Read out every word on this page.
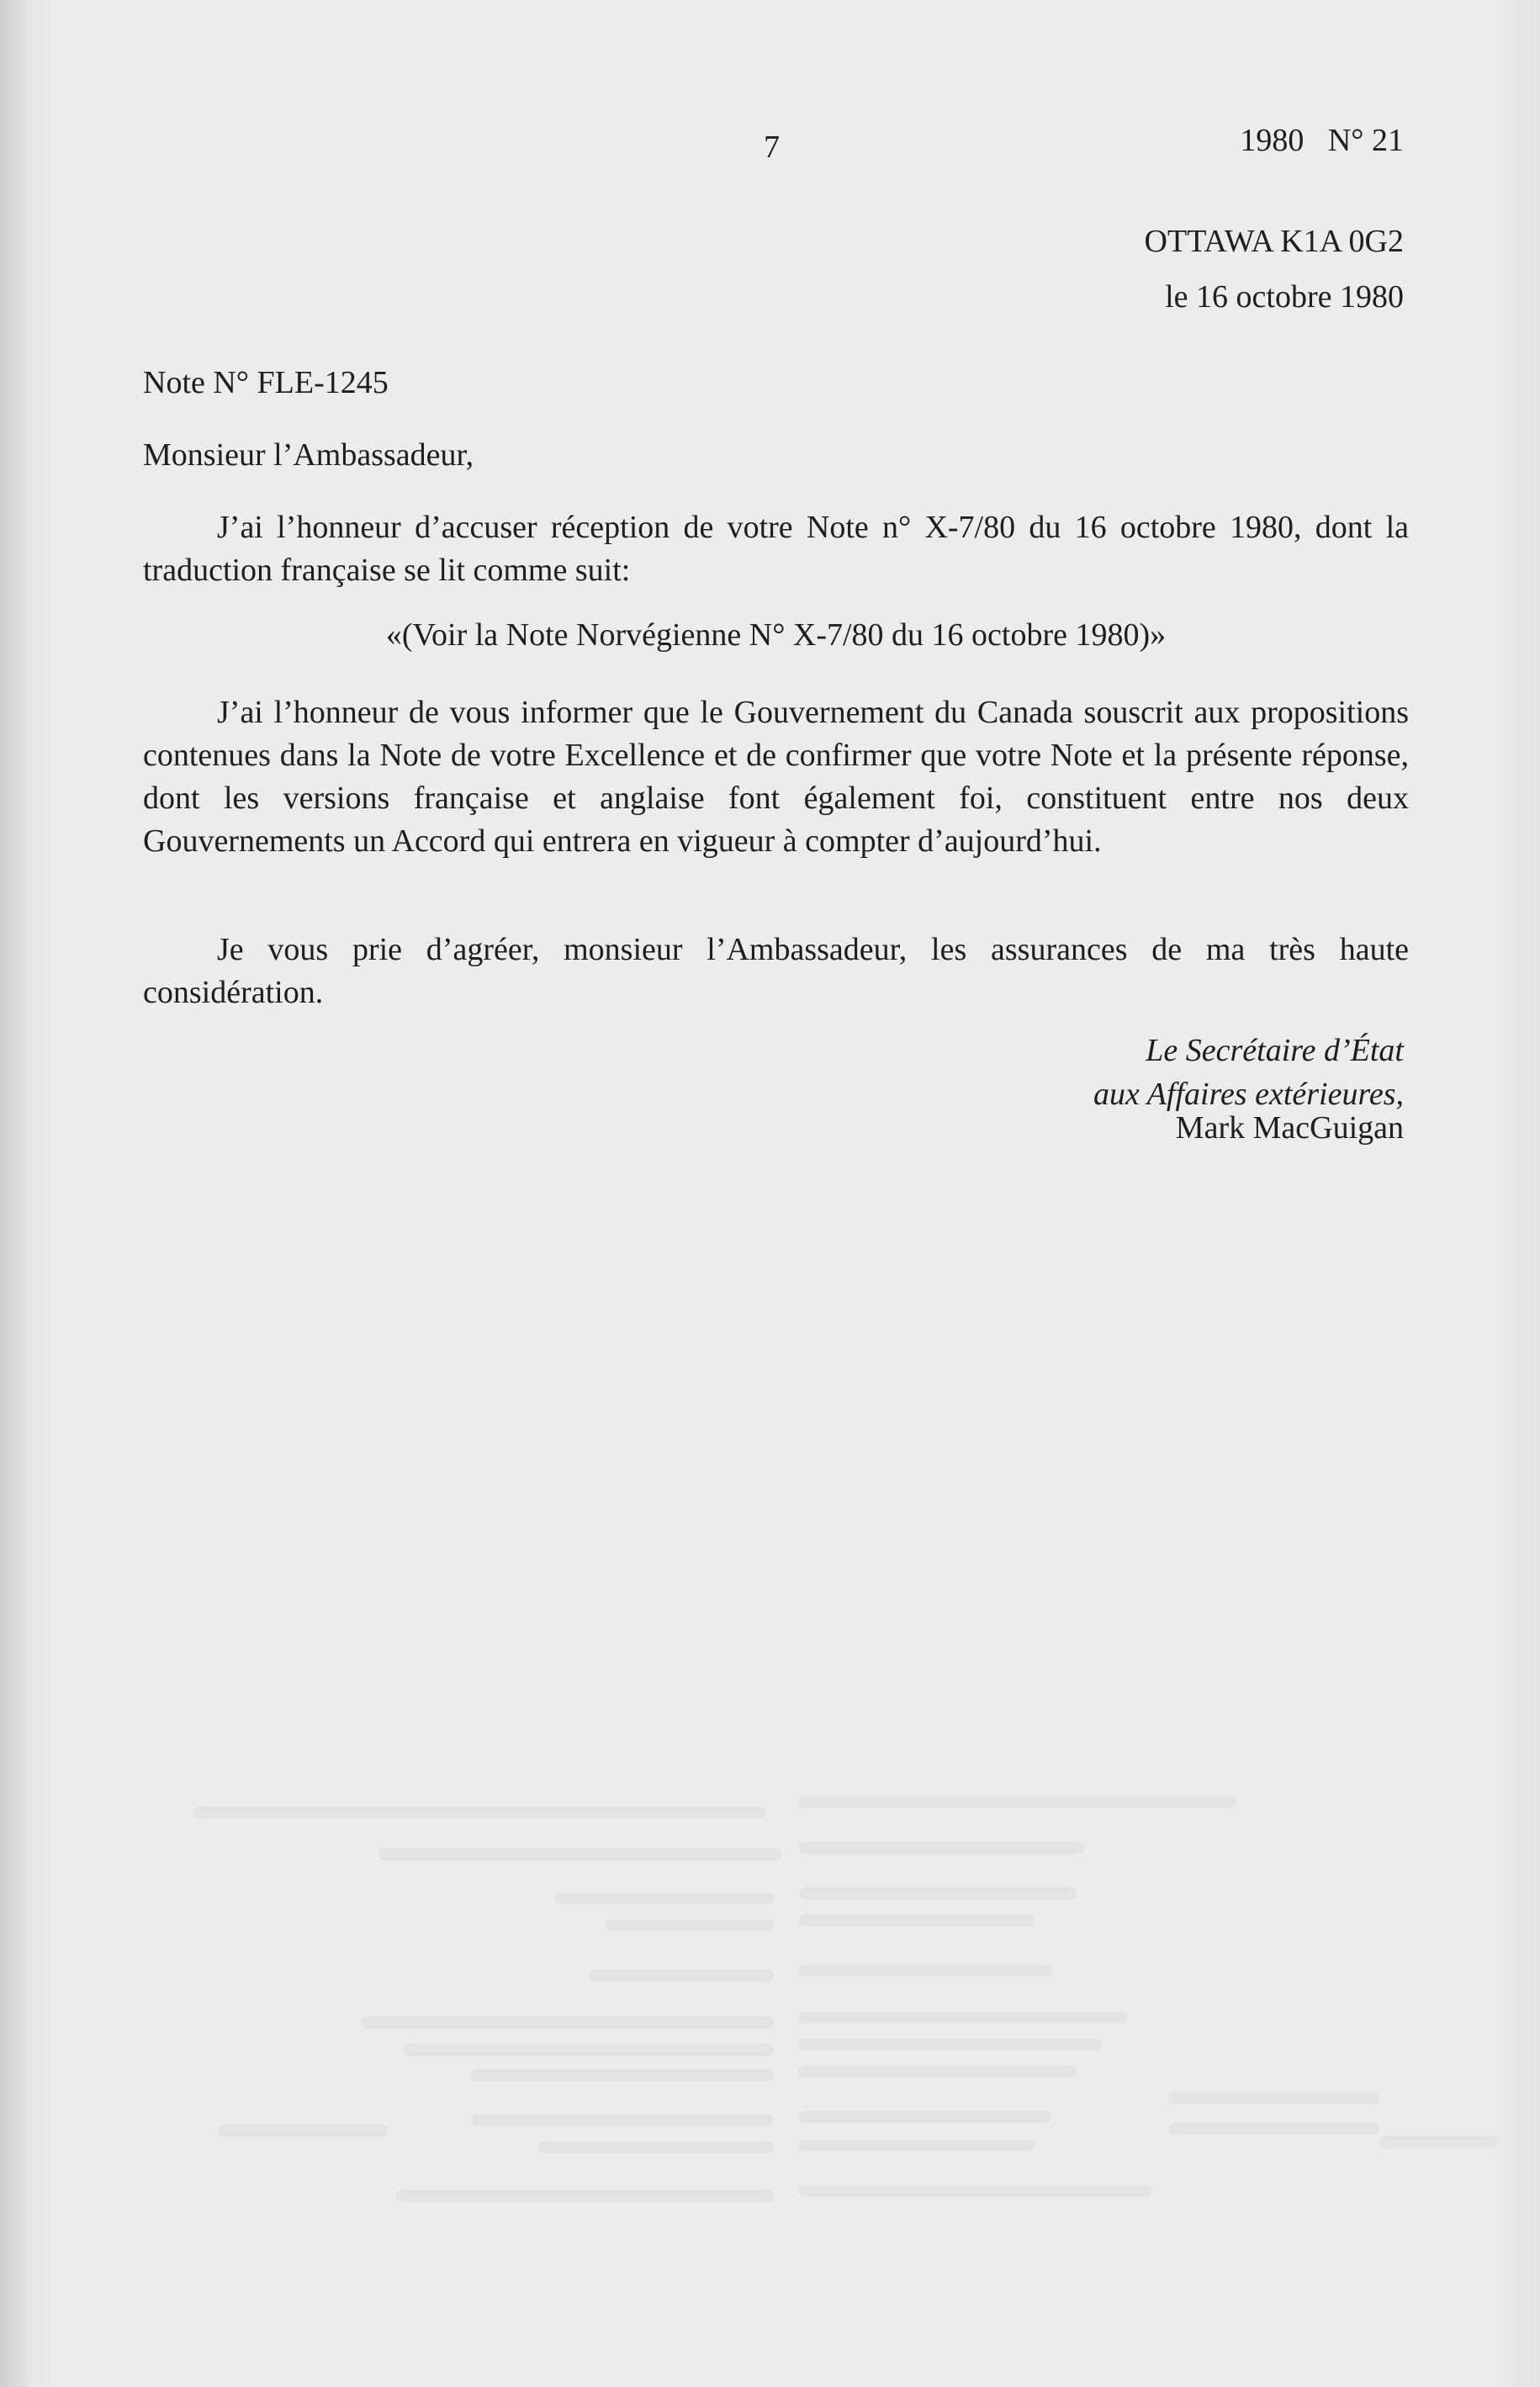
7	1980   N° 21
OTTAWA K1A 0G2
le 16 octobre 1980
Note N° FLE-1245
Monsieur l’Ambassadeur,
J’ai l’honneur d’accuser réception de votre Note n° X-7/80 du 16 octobre 1980, dont la traduction française se lit comme suit:
«(Voir la Note Norvégienne N° X-7/80 du 16 octobre 1980)»
J’ai l’honneur de vous informer que le Gouvernement du Canada souscrit aux propositions contenues dans la Note de votre Excellence et de confirmer que votre Note et la présente réponse, dont les versions française et anglaise font également foi, constituent entre nos deux Gouvernements un Accord qui entrera en vigueur à compter d’aujourd’hui.
Je vous prie d’agréer, monsieur l’Ambassadeur, les assurances de ma très haute considération.
Le Secrétaire d’État
aux Affaires extérieures,
Mark MacGuigan
